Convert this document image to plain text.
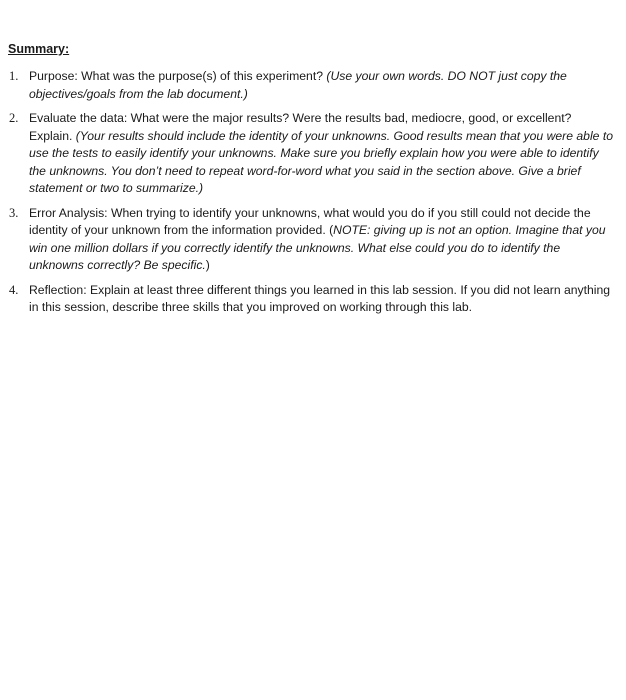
Summary:
1. Purpose: What was the purpose(s) of this experiment? (Use your own words. DO NOT just copy the objectives/goals from the lab document.)
2. Evaluate the data: What were the major results? Were the results bad, mediocre, good, or excellent? Explain. (Your results should include the identity of your unknowns. Good results mean that you were able to use the tests to easily identify your unknowns. Make sure you briefly explain how you were able to identify the unknowns. You don’t need to repeat word-for-word what you said in the section above. Give a brief statement or two to summarize.)
3. Error Analysis: When trying to identify your unknowns, what would you do if you still could not decide the identity of your unknown from the information provided. (NOTE: giving up is not an option. Imagine that you win one million dollars if you correctly identify the unknowns. What else could you do to identify the unknowns correctly? Be specific.)
4. Reflection: Explain at least three different things you learned in this lab session. If you did not learn anything in this session, describe three skills that you improved on working through this lab.
